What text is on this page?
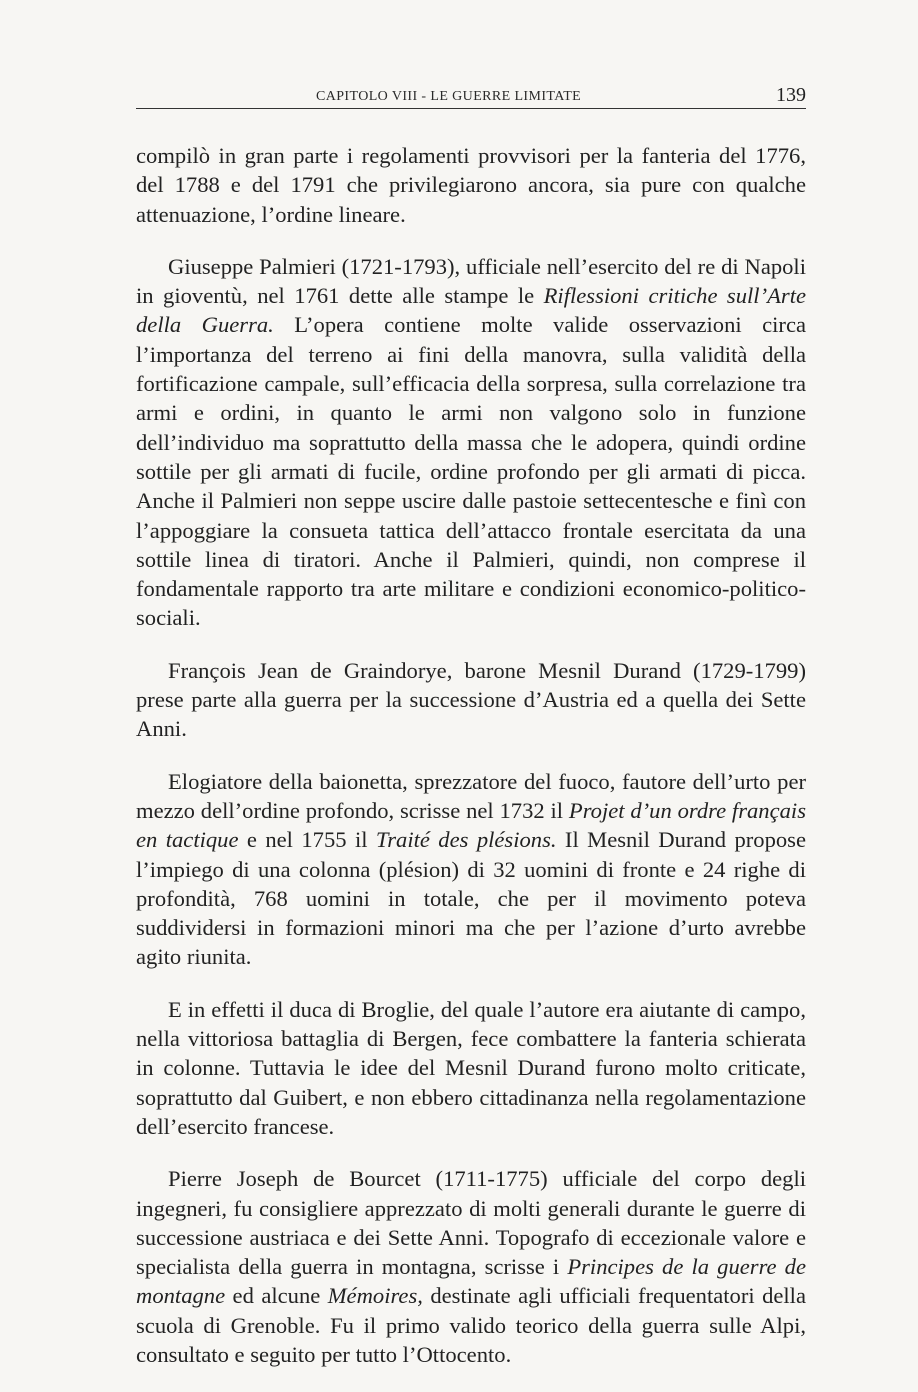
CAPITOLO VIII - LE GUERRE LIMITATE	139

compilò in gran parte i regolamenti provvisori per la fanteria del 1776, del 1788 e del 1791 che privilegiarono ancora, sia pure con qualche attenuazione, l’ordine lineare.

Giuseppe Palmieri (1721-1793), ufficiale nell’esercito del re di Napoli in gioventù, nel 1761 dette alle stampe le Riflessioni critiche sull’Arte della Guerra. L’opera contiene molte valide osservazioni circa l’importanza del terreno ai fini della manovra, sulla validità della fortificazione campale, sull’efficacia della sorpresa, sulla correlazione tra armi e ordini, in quanto le armi non valgono solo in funzione dell’individuo ma soprattutto della massa che le adopera, quindi ordine sottile per gli armati di fucile, ordine profondo per gli armati di picca. Anche il Palmieri non seppe uscire dalle pastoie settecentesche e finì con l’appoggiare la consueta tattica dell’attacco frontale esercitata da una sottile linea di tiratori. Anche il Palmieri, quindi, non comprese il fondamentale rapporto tra arte militare e condizioni economico-politico-sociali.

François Jean de Graindorye, barone Mesnil Durand (1729-1799) prese parte alla guerra per la successione d’Austria ed a quella dei Sette Anni.

Elogiatore della baionetta, sprezzatore del fuoco, fautore dell’urto per mezzo dell’ordine profondo, scrisse nel 1732 il Projet d’un ordre français en tactique e nel 1755 il Traité des plésions. Il Mesnil Durand propose l’impiego di una colonna (plésion) di 32 uomini di fronte e 24 righe di profondità, 768 uomini in totale, che per il movimento poteva suddividersi in formazioni minori ma che per l’azione d’urto avrebbe agito riunita.

E in effetti il duca di Broglie, del quale l’autore era aiutante di campo, nella vittoriosa battaglia di Bergen, fece combattere la fanteria schierata in colonne. Tuttavia le idee del Mesnil Durand furono molto criticate, soprattutto dal Guibert, e non ebbero cittadinanza nella regolamentazione dell’esercito francese.

Pierre Joseph de Bourcet (1711-1775) ufficiale del corpo degli ingegneri, fu consigliere apprezzato di molti generali durante le guerre di successione austriaca e dei Sette Anni. Topografo di eccezionale valore e specialista della guerra in montagna, scrisse i Principes de la guerre de montagne ed alcune Mémoires, destinate agli ufficiali frequentatori della scuola di Grenoble. Fu il primo valido teorico della guerra sulle Alpi, consultato e seguito per tutto l’Ottocento.
